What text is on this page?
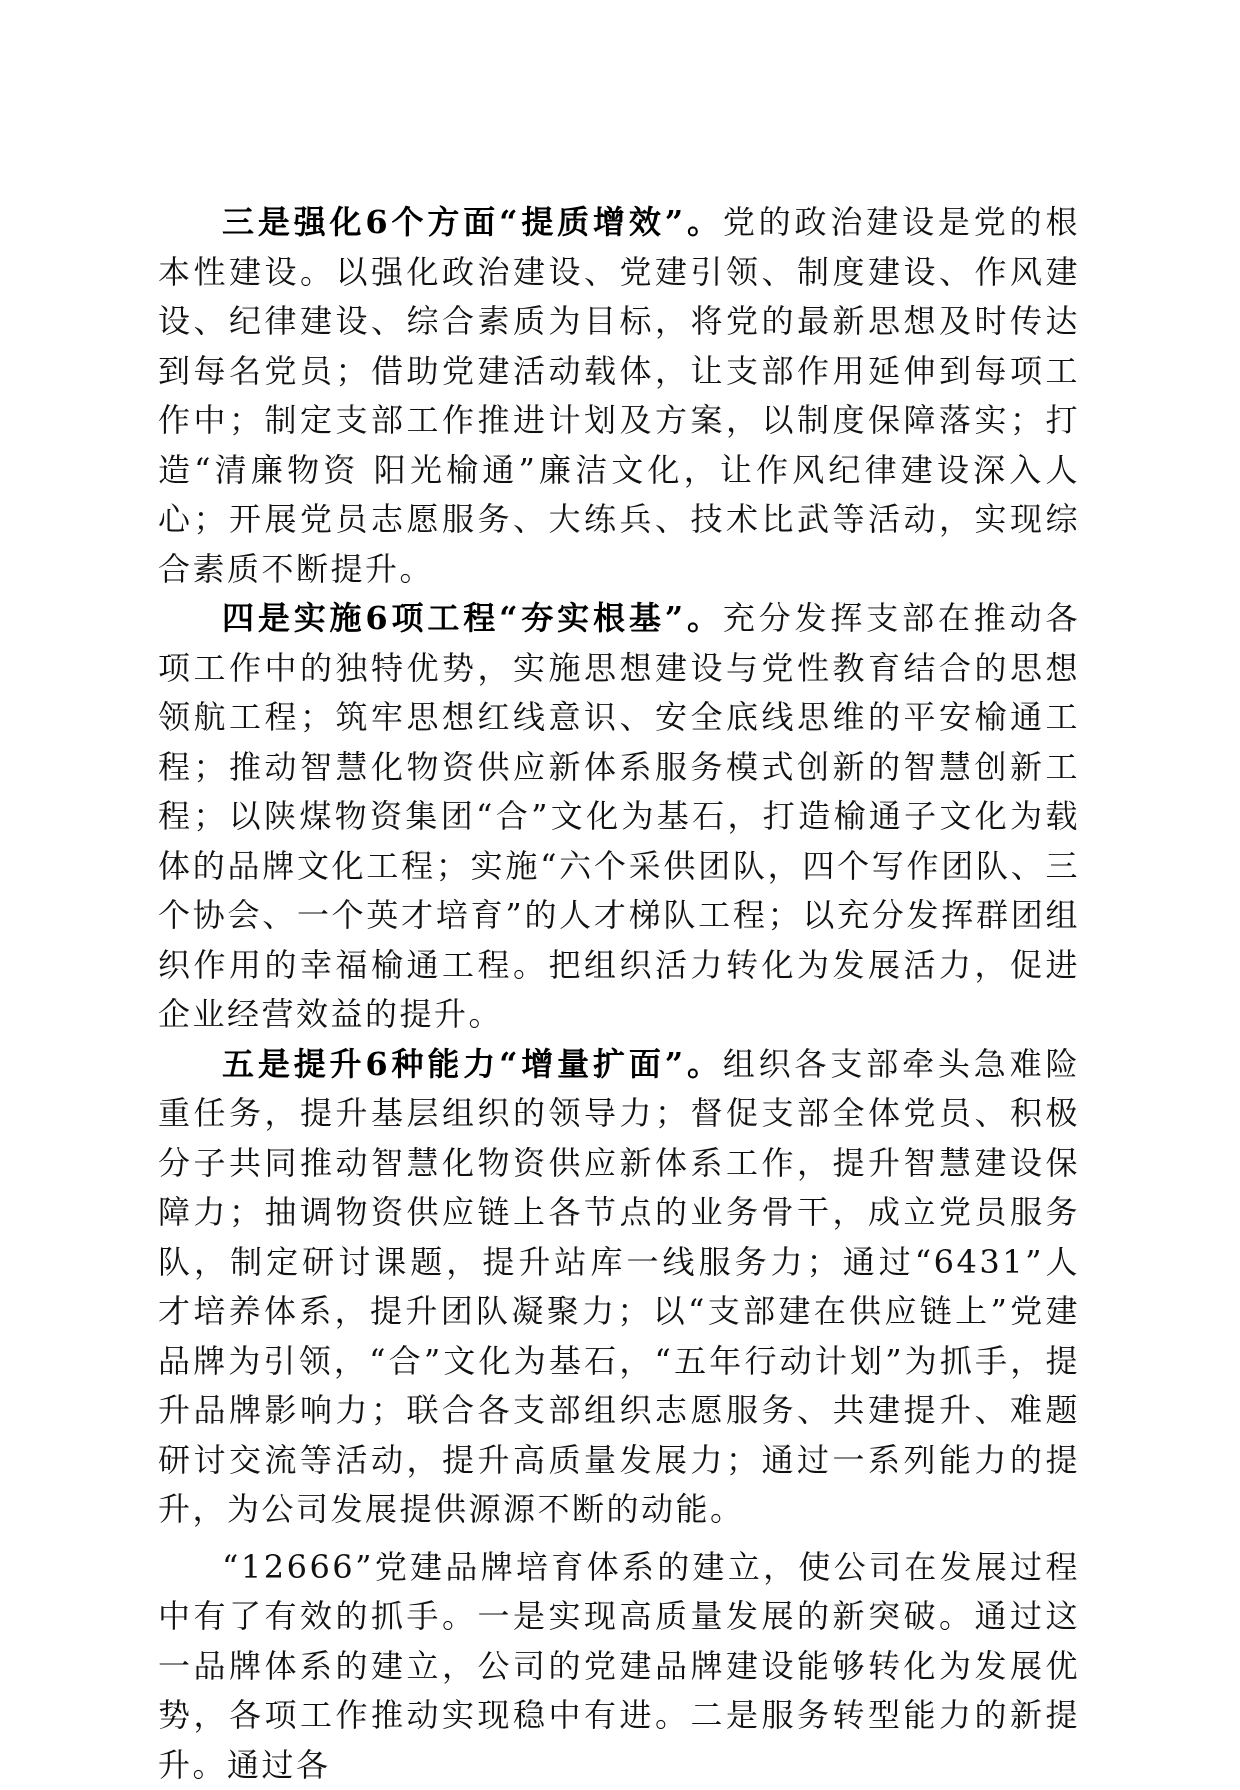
三是强化6个方面“提质增效”。党的政治建设是党的根本性建设。以强化政治建设、党建引领、制度建设、作风建设、纪律建设、综合素质为目标，将党的最新思想及时传达到每名党员；借助党建活动载体，让支部作用延伸到每项工作中；制定支部工作推进计划及方案，以制度保障落实；打造“清廉物资 阳光榆通”廉洁文化，让作风纪律建设深入人心；开展党员志愿服务、大练兵、技术比武等活动，实现综合素质不断提升。

四是实施6项工程“夯实根基”。充分发挥支部在推动各项工作中的独特优势，实施思想建设与党性教育结合的思想领航工程；筑牢思想红线意识、安全底线思维的平安榆通工程；推动智慧化物资供应新体系服务模式创新的智慧创新工程；以陕煤物资集团“合”文化为基石，打造榆通子文化为载体的品牌文化工程；实施“六个采供团队，四个写作团队、三个协会、一个英才培育”的人才梯队工程；以充分发挥群团组织作用的幸福榆通工程。把组织活力转化为发展活力，促进企业经营效益的提升。

五是提升6种能力“增量扩面”。组织各支部牵头急难险重任务，提升基层组织的领导力；督促支部全体党员、积极分子共同推动智慧化物资供应新体系工作，提升智慧建设保障力；抽调物资供应链上各节点的业务骨干，成立党员服务队，制定研讨课题，提升站库一线服务力；通过“6431”人才培养体系，提升团队凝聚力；以“支部建在供应链上”党建品牌为引领，“合”文化为基石，“五年行动计划”为抓手，提升品牌影响力；联合各支部组织志愿服务、共建提升、难题研讨交流等活动，提升高质量发展力；通过一系列能力的提升，为公司发展提供源源不断的动能。

“12666”党建品牌培育体系的建立，使公司在发展过程中有了有效的抓手。一是实现高质量发展的新突破。通过这一品牌体系的建立，公司的党建品牌建设能够转化为发展优势，各项工作推动实现稳中有进。二是服务转型能力的新提升。通过各
